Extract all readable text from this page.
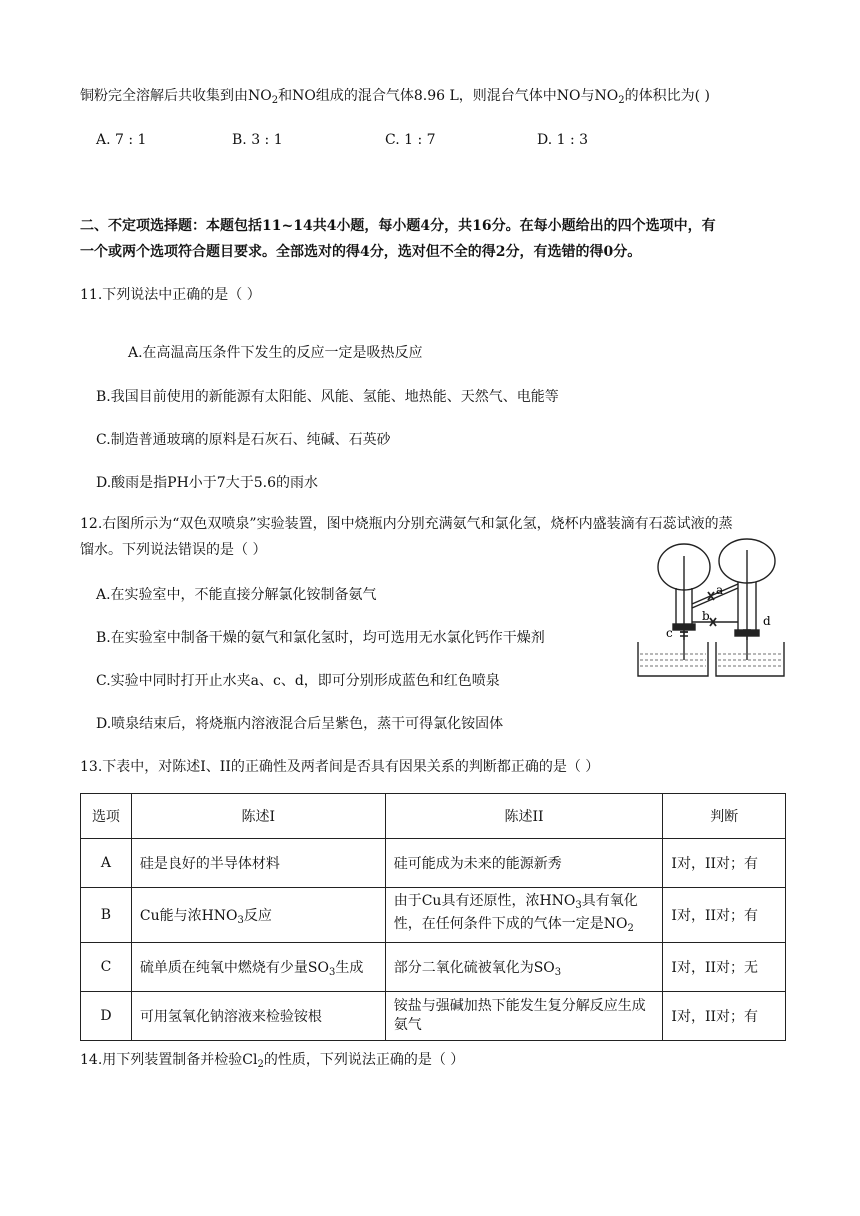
铜粉完全溶解后共收集到由$NO_2$和NO组成的混合气体8.96 L，则混台气体中NO与$NO_2$的体积比为( )
A. 7 : 1	B. 3 : 1	C. 1 : 7	D. 1 : 3
二、不定项选择题：本题包括11~14共4小题，每小题4分，共16分。在每小题给出的四个选项中，有
一个或两个选项符合题目要求。全部选对的得4分，选对但不全的得2分，有选错的得0分。
11.下列说法中正确的是（ ）
A.在高温高压条件下发生的反应一定是吸热反应
B.我国目前使用的新能源有太阳能、风能、氢能、地热能、天然气、电能等
C.制造普通玻璃的原料是石灰石、纯碱、石英砂
D.酸雨是指PH小于7大于5.6的雨水
12.右图所示为“双色双喷泉”实验装置，图中烧瓶内分别充满氨气和氯化氢，烧杯内盛装滴有石蕊试液的蒸
馏水。下列说法错误的是（ ）
A.在实验室中，不能直接分解氯化铵制备氨气
B.在实验室中制备干燥的氨气和氯化氢时，均可选用无水氯化钙作干燥剂
C.实验中同时打开止水夹a、c、d，即可分别形成蓝色和红色喷泉
D.喷泉结束后，将烧瓶内溶液混合后呈紫色，蒸干可得氯化铵固体
a
b
c
d
13.下表中，对陈述I、II的正确性及两者间是否具有因果关系的判断都正确的是（ ）
选项	陈述I	陈述II	判断
A	硅是良好的半导体材料	硅可能成为未来的能源新秀	I对，II对；有
B	Cu能与浓$HNO_3$反应	由于Cu具有还原性，浓$HNO_3$具有氧化性，在任何条件下成的气体一定是$NO_2$	I对，II对；有
C	硫单质在纯氧中燃烧有少量$SO_3$生成	部分二氧化硫被氧化为$SO_3$	I对，II对；无
D	可用氢氧化钠溶液来检验铵根	铵盐与强碱加热下能发生复分解反应生成氨气	I对，II对；有
14.用下列装置制备并检验$Cl_2$的性质，下列说法正确的是（ ）
